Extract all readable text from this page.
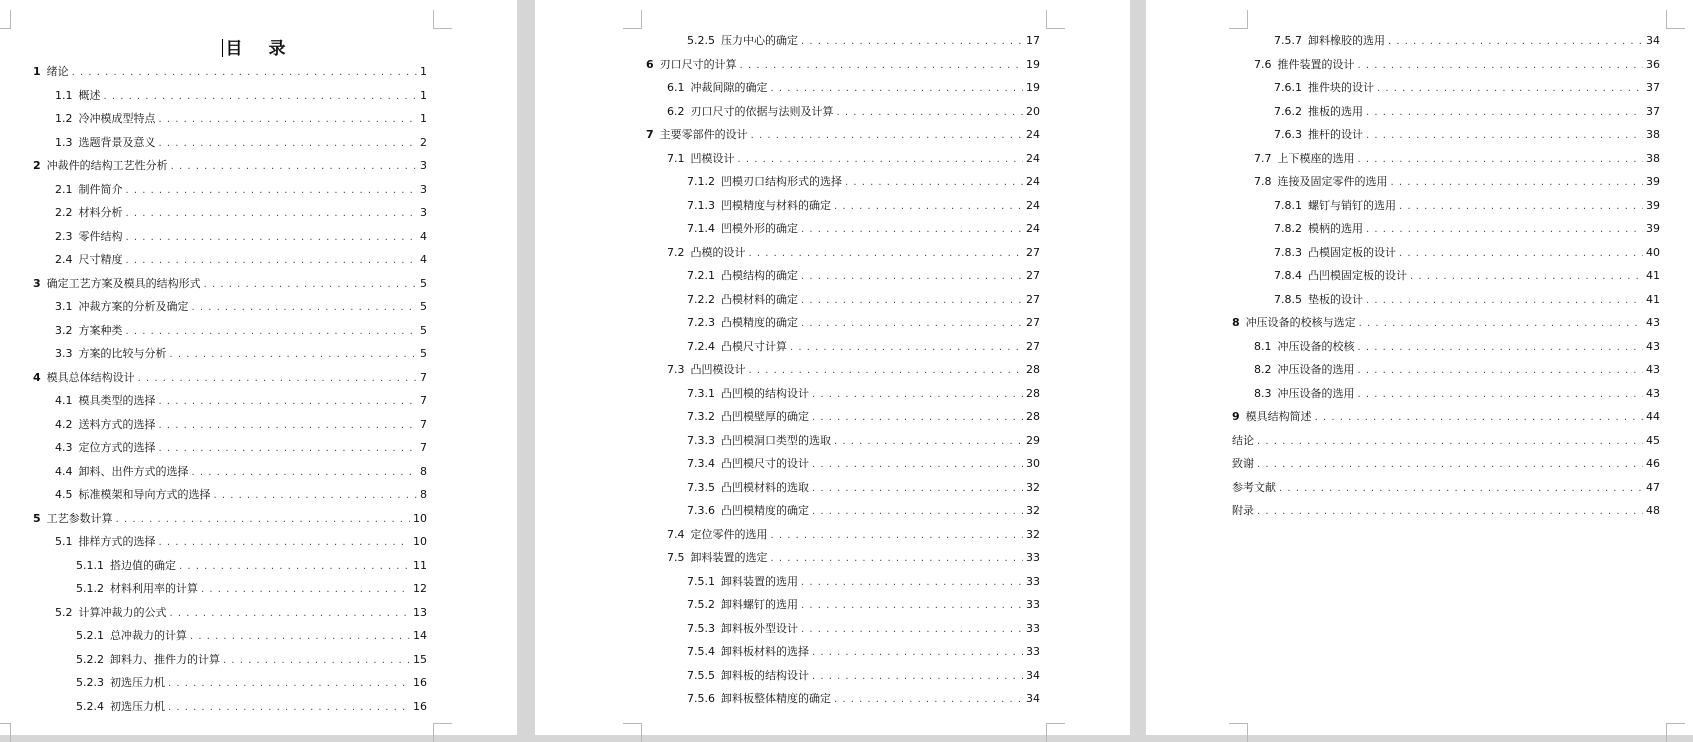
目 录
1 绪论 . . .	1
1.1 概述 . . .	1
1.2 冷冲模成型特点 . . .	1
1.3 选题背景及意义 . . .	2
2 冲裁件的结构工艺性分析 . . .	3
2.1 制件简介 . . .	3
2.2 材料分析 . . .	3
2.3 零件结构 . . .	4
2.4 尺寸精度 . . .	4
3 确定工艺方案及模具的结构形式 . . .	5
3.1 冲裁方案的分析及确定 . . .	5
3.2 方案种类 . . .	5
3.3 方案的比较与分析 . . .	5
4 模具总体结构设计 . . .	7
4.1 模具类型的选择 . . .	7
4.2 送料方式的选择 . . .	7
4.3 定位方式的选择 . . .	7
4.4 卸料、出件方式的选择 . . .	8
4.5 标准模架和导向方式的选择 . . .	8
5 工艺参数计算 . . .	10
5.1 排样方式的选择 . . .	10
5.1.1 搭边值的确定 . . .	11
5.1.2 材料利用率的计算 . . .	12
5.2 计算冲裁力的公式 . . .	13
5.2.1 总冲裁力的计算 . . .	14
5.2.2 卸料力、推件力的计算 . . .	15
5.2.3 初选压力机 . . .	16
5.2.4 初选压力机 . . .	16
5.2.5 压力中心的确定 . . .	17
6 刃口尺寸的计算 . . .	19
6.1 冲裁间隙的确定 . . .	19
6.2 刃口尺寸的依据与法则及计算 . . .	20
7 主要零部件的设计 . . .	24
7.1 凹模设计 . . .	24
7.1.2 凹模刃口结构形式的选择 . . .	24
7.1.3 凹模精度与材料的确定 . . .	24
7.1.4 凹模外形的确定 . . .	24
7.2 凸模的设计 . . .	27
7.2.1 凸模结构的确定 . . .	27
7.2.2 凸模材料的确定 . . .	27
7.2.3 凸模精度的确定 . . .	27
7.2.4 凸模尺寸计算 . . .	27
7.3 凸凹模设计 . . .	28
7.3.1 凸凹模的结构设计 . . .	28
7.3.2 凸凹模壁厚的确定 . . .	28
7.3.3 凸凹模洞口类型的选取 . . .	29
7.3.4 凸凹模尺寸的设计 . . .	30
7.3.5 凸凹模材料的选取 . . .	32
7.3.6 凸凹模精度的确定 . . .	32
7.4 定位零件的选用 . . .	32
7.5 卸料装置的选定 . . .	33
7.5.1 卸料装置的选用 . . .	33
7.5.2 卸料螺钉的选用 . . .	33
7.5.3 卸料板外型设计 . . .	33
7.5.4 卸料板材料的选择 . . .	33
7.5.5 卸料板的结构设计 . . .	34
7.5.6 卸料板整体精度的确定 . . .	34
7.5.7 卸料橡胶的选用 . . .	34
7.6 推件装置的设计 . . .	36
7.6.1 推件块的设计 . . .	37
7.6.2 推板的选用 . . .	37
7.6.3 推杆的设计 . . .	38
7.7 上下模座的选用 . . .	38
7.8 连接及固定零件的选用 . . .	39
7.8.1 螺钉与销钉的选用 . . .	39
7.8.2 模柄的选用 . . .	39
7.8.3 凸模固定板的设计 . . .	40
7.8.4 凸凹模固定板的设计 . . .	41
7.8.5 垫板的设计 . . .	41
8 冲压设备的校核与选定 . . .	43
8.1 冲压设备的校核 . . .	43
8.2 冲压设备的选用 . . .	43
8.3 冲压设备的选用 . . .	43
9 模具结构简述 . . .	44
结论 . . .	45
致谢 . . .	46
参考文献 . . .	47
附录 . . .	48
